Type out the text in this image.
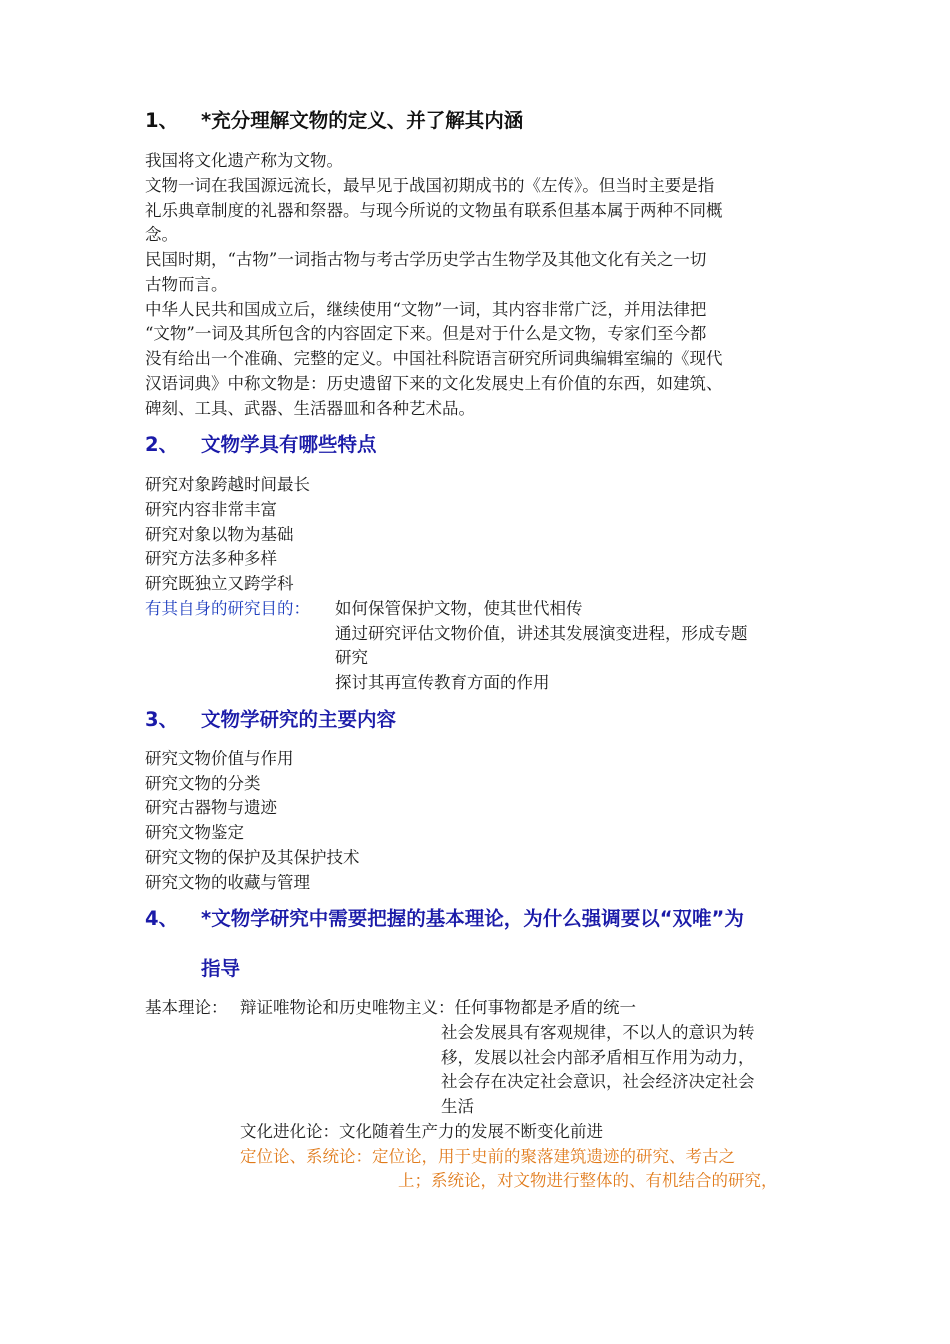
1、 *充分理解文物的定义、并了解其内涵
我国将文化遗产称为文物。
文物一词在我国源远流长，最早见于战国初期成书的《左传》。但当时主要是指
礼乐典章制度的礼器和祭器。与现今所说的文物虽有联系但基本属于两种不同概
念。
民国时期，“古物”一词指古物与考古学历史学古生物学及其他文化有关之一切
古物而言。
中华人民共和国成立后，继续使用“文物”一词，其内容非常广泛，并用法律把
“文物”一词及其所包含的内容固定下来。但是对于什么是文物，专家们至今都
没有给出一个准确、完整的定义。中国社科院语言研究所词典编辑室编的《现代
汉语词典》中称文物是：历史遗留下来的文化发展史上有价值的东西，如建筑、
碑刻、工具、武器、生活器皿和各种艺术品。
2、 文物学具有哪些特点
研究对象跨越时间最长
研究内容非常丰富
研究对象以物为基础
研究方法多种多样
研究既独立又跨学科
有其自身的研究目的： 如何保管保护文物，使其世代相传
通过研究评估文物价值，讲述其发展演变进程，形成专题
研究
探讨其再宣传教育方面的作用
3、 文物学研究的主要内容
研究文物价值与作用
研究文物的分类
研究古器物与遗迹
研究文物鉴定
研究文物的保护及其保护技术
研究文物的收藏与管理
4、 *文物学研究中需要把握的基本理论，为什么强调要以“双唯”为
指导
基本理论： 辩证唯物论和历史唯物主义：任何事物都是矛盾的统一
社会发展具有客观规律，不以人的意识为转
移，发展以社会内部矛盾相互作用为动力，
社会存在决定社会意识，社会经济决定社会
生活
文化进化论：文化随着生产力的发展不断变化前进
定位论、系统论：定位论，用于史前的聚落建筑遗迹的研究、考古之
上；系统论，对文物进行整体的、有机结合的研究，
